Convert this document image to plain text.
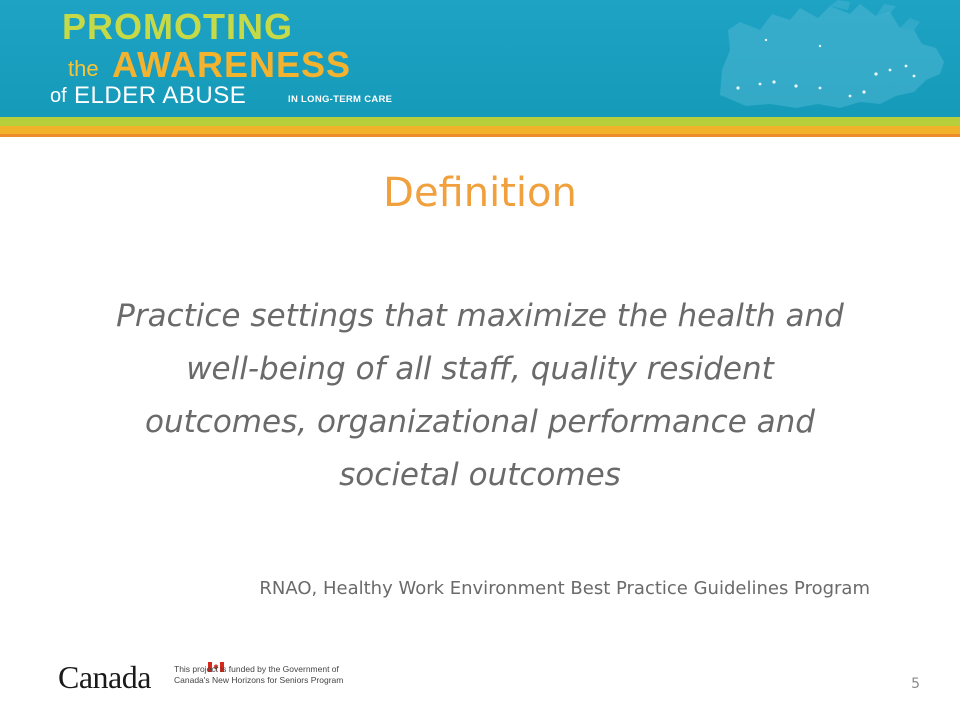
PROMOTING
the AWARENESS
of ELDER ABUSE	IN LONG-TERM CARE
Definition
Practice settings that maximize the health and
well-being of all staff, quality resident
outcomes, organizational performance and
societal outcomes
RNAO, Healthy Work Environment Best Practice Guidelines Program
Canada	This project is funded by the Government of
Canada's New Horizons for Seniors Program	5
